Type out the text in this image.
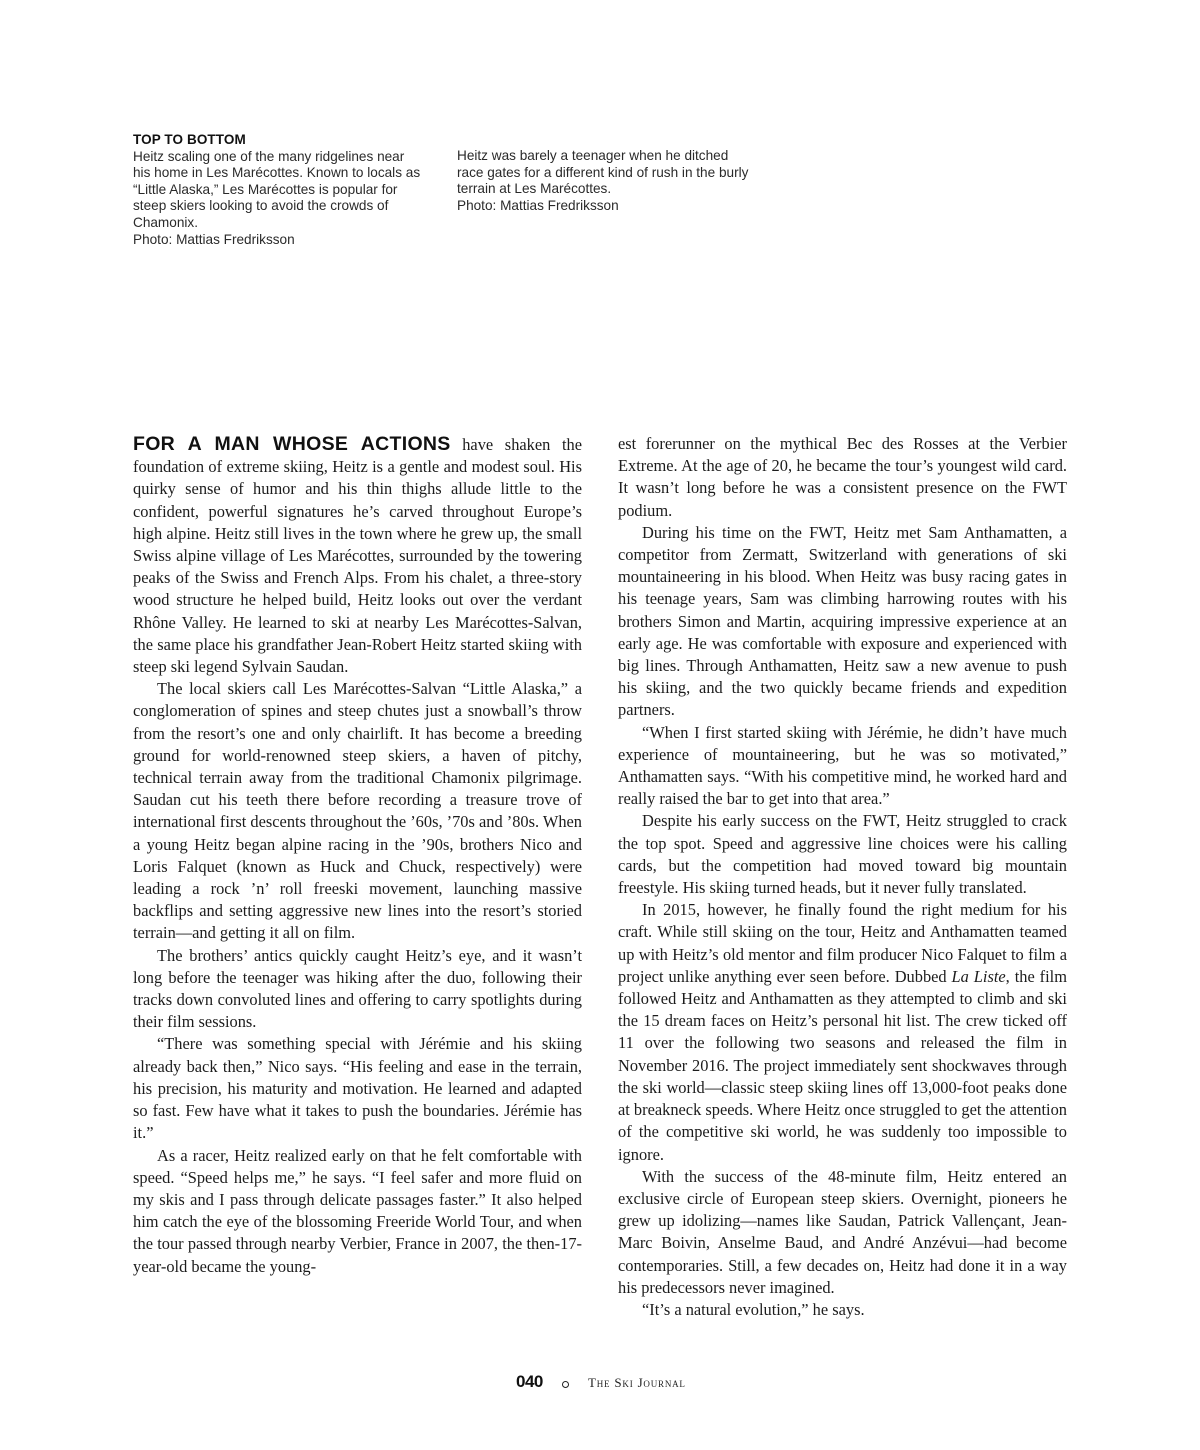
TOP TO BOTTOM
Heitz scaling one of the many ridgelines near his home in Les Marécottes. Known to locals as “Little Alaska,” Les Marécottes is popular for steep skiers looking to avoid the crowds of Chamonix.
Photo: Mattias Fredriksson
Heitz was barely a teenager when he ditched race gates for a different kind of rush in the burly terrain at Les Marécottes.
Photo: Mattias Fredriksson

FOR A MAN WHOSE ACTIONS have shaken the foundation of extreme skiing, Heitz is a gentle and modest soul. His quirky sense of humor and his thin thighs allude little to the confident, powerful signatures he’s carved throughout Europe’s high alpine. Heitz still lives in the town where he grew up, the small Swiss alpine village of Les Marécottes, surrounded by the towering peaks of the Swiss and French Alps. From his chalet, a three-story wood structure he helped build, Heitz looks out over the verdant Rhône Valley. He learned to ski at nearby Les Marécottes-Salvan, the same place his grandfather Jean-Robert Heitz started skiing with steep ski legend Sylvain Saudan.

The local skiers call Les Marécottes-Salvan “Little Alaska,” a conglomeration of spines and steep chutes just a snowball’s throw from the resort’s one and only chairlift. It has become a breeding ground for world-renowned steep skiers, a haven of pitchy, technical terrain away from the traditional Chamonix pilgrimage. Saudan cut his teeth there before recording a treasure trove of international first descents throughout the ’60s, ’70s and ’80s. When a young Heitz began alpine racing in the ’90s, brothers Nico and Loris Falquet (known as Huck and Chuck, respectively) were leading a rock ’n’ roll freeski movement, launching massive backflips and setting aggressive new lines into the resort’s storied terrain—and getting it all on film.

The brothers’ antics quickly caught Heitz’s eye, and it wasn’t long before the teenager was hiking after the duo, following their tracks down convoluted lines and offering to carry spotlights during their film sessions.

“There was something special with Jérémie and his skiing already back then,” Nico says. “His feeling and ease in the terrain, his precision, his maturity and motivation. He learned and adapted so fast. Few have what it takes to push the boundaries. Jérémie has it.”

As a racer, Heitz realized early on that he felt comfortable with speed. “Speed helps me,” he says. “I feel safer and more fluid on my skis and I pass through delicate passages faster.” It also helped him catch the eye of the blossoming Freeride World Tour, and when the tour passed through nearby Verbier, France in 2007, the then-17-year-old became the young-

est forerunner on the mythical Bec des Rosses at the Verbier Extreme. At the age of 20, he became the tour’s youngest wild card. It wasn’t long before he was a consistent presence on the FWT podium.

During his time on the FWT, Heitz met Sam Anthamatten, a competitor from Zermatt, Switzerland with generations of ski mountaineering in his blood. When Heitz was busy racing gates in his teenage years, Sam was climbing harrowing routes with his brothers Simon and Martin, acquiring impressive experience at an early age. He was comfortable with exposure and experienced with big lines. Through Anthamatten, Heitz saw a new avenue to push his skiing, and the two quickly became friends and expedition partners.

“When I first started skiing with Jérémie, he didn’t have much experience of mountaineering, but he was so motivated,” Anthamatten says. “With his competitive mind, he worked hard and really raised the bar to get into that area.”

Despite his early success on the FWT, Heitz struggled to crack the top spot. Speed and aggressive line choices were his calling cards, but the competition had moved toward big mountain freestyle. His skiing turned heads, but it never fully translated.

In 2015, however, he finally found the right medium for his craft. While still skiing on the tour, Heitz and Anthamatten teamed up with Heitz’s old mentor and film producer Nico Falquet to film a project unlike anything ever seen before. Dubbed La Liste, the film followed Heitz and Anthamatten as they attempted to climb and ski the 15 dream faces on Heitz’s personal hit list. The crew ticked off 11 over the following two seasons and released the film in November 2016. The project immediately sent shockwaves through the ski world—classic steep skiing lines off 13,000-foot peaks done at breakneck speeds. Where Heitz once struggled to get the attention of the competitive ski world, he was suddenly too impossible to ignore.

With the success of the 48-minute film, Heitz entered an exclusive circle of European steep skiers. Overnight, pioneers he grew up idolizing—names like Saudan, Patrick Vallençant, Jean-Marc Boivin, Anselme Baud, and André Anzévui—had become contemporaries. Still, a few decades on, Heitz had done it in a way his predecessors never imagined.

“It’s a natural evolution,” he says.

040	The Ski Journal
